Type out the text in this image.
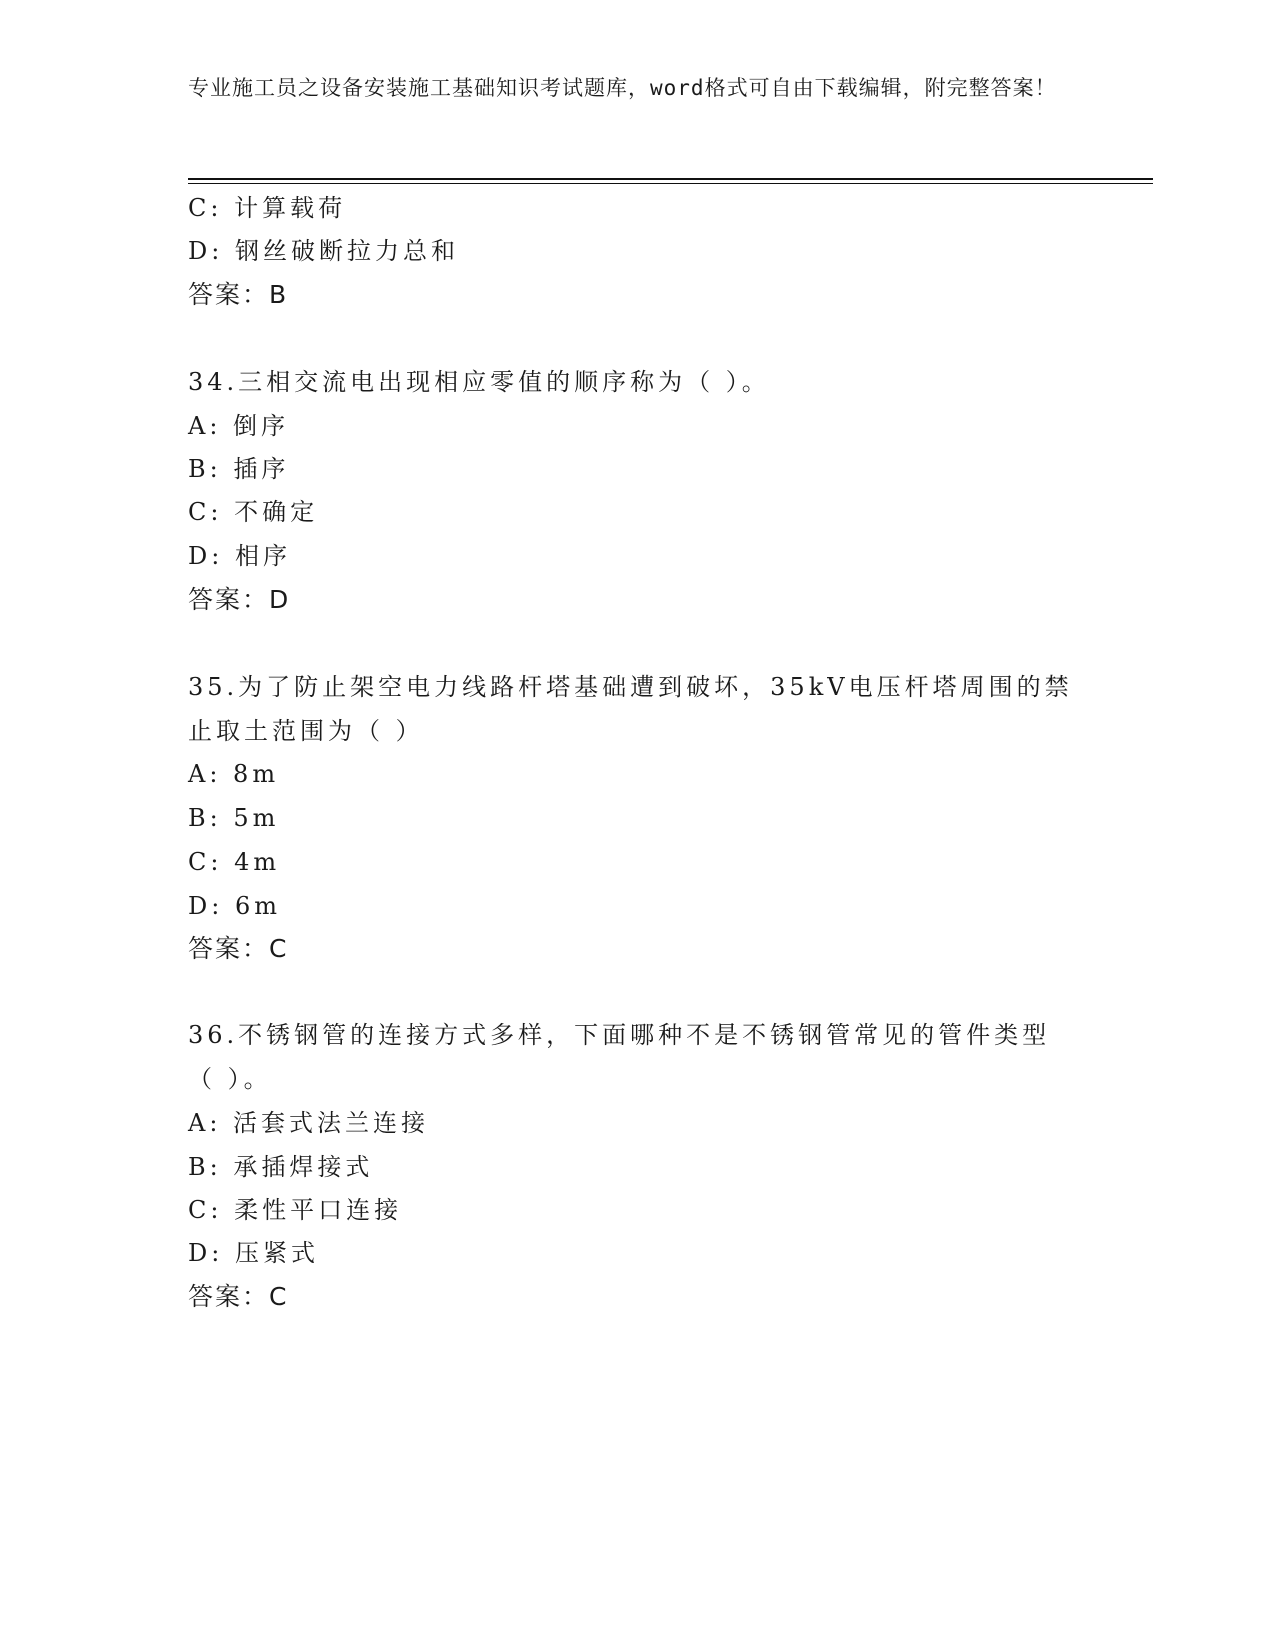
专业施工员之设备安装施工基础知识考试题库，word格式可自由下载编辑，附完整答案！
C: 计算载荷
D: 钢丝破断拉力总和
答案：B
34.三相交流电出现相应零值的顺序称为（ ）。
A: 倒序
B: 插序
C: 不确定
D: 相序
答案：D
35.为了防止架空电力线路杆塔基础遭到破坏，35kV电压杆塔周围的禁
止取土范围为（ ）
A: 8m
B: 5m
C: 4m
D: 6m
答案：C
36.不锈钢管的连接方式多样，下面哪种不是不锈钢管常见的管件类型
（ ）。
A: 活套式法兰连接
B: 承插焊接式
C: 柔性平口连接
D: 压紧式
答案：C
